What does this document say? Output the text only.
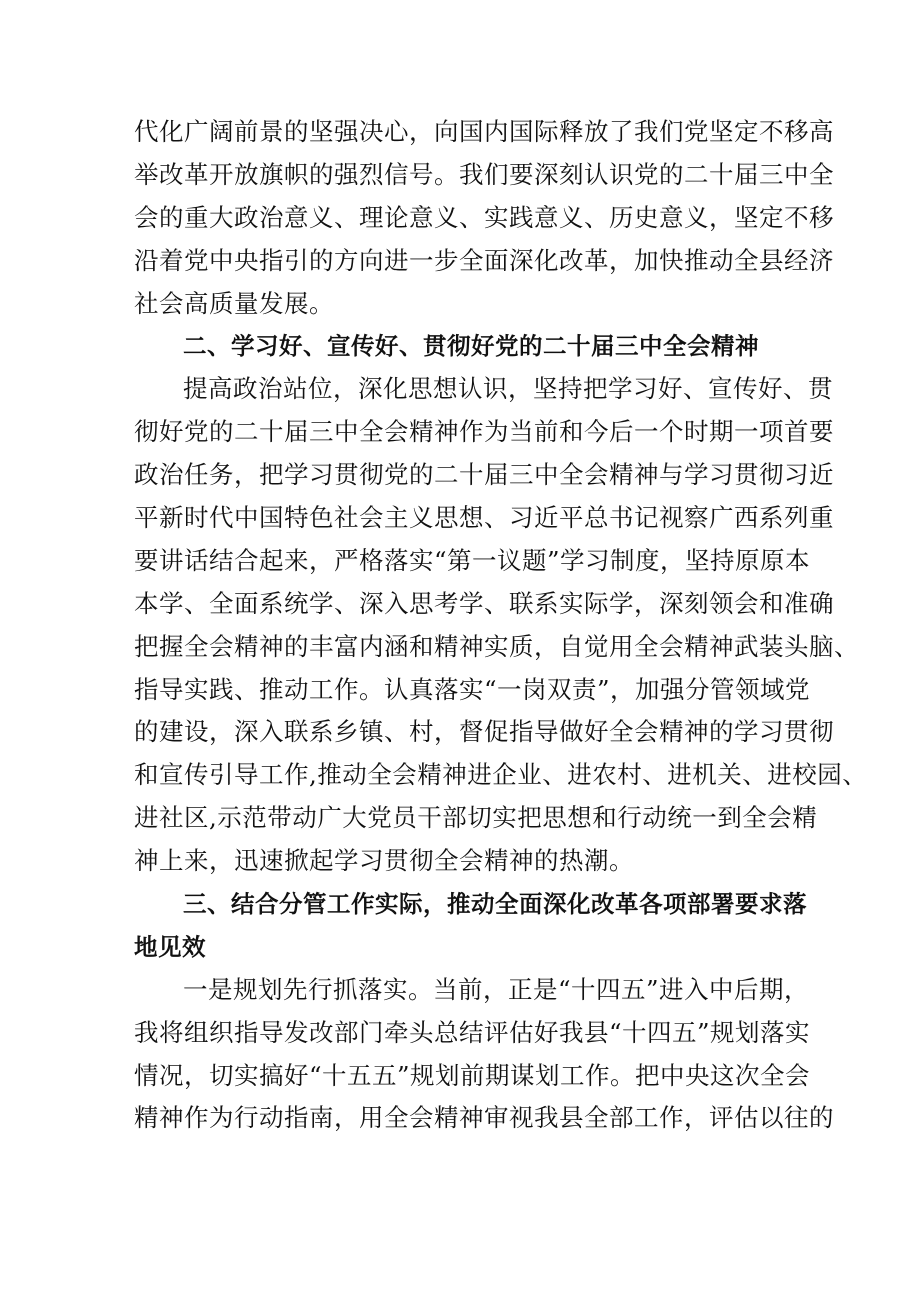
代化广阔前景的坚强决心，向国内国际释放了我们党坚定不移高
举改革开放旗帜的强烈信号。我们要深刻认识党的二十届三中全
会的重大政治意义、理论意义、实践意义、历史意义，坚定不移
沿着党中央指引的方向进一步全面深化改革，加快推动全县经济
社会高质量发展。
二、学习好、宣传好、贯彻好党的二十届三中全会精神
提高政治站位，深化思想认识，坚持把学习好、宣传好、贯
彻好党的二十届三中全会精神作为当前和今后一个时期一项首要
政治任务，把学习贯彻党的二十届三中全会精神与学习贯彻习近
平新时代中国特色社会主义思想、习近平总书记视察广西系列重
要讲话结合起来，严格落实“第一议题”学习制度，坚持原原本
本学、全面系统学、深入思考学、联系实际学，深刻领会和准确
把握全会精神的丰富内涵和精神实质，自觉用全会精神武装头脑、
指导实践、推动工作。认真落实“一岗双责”，加强分管领域党
的建设，深入联系乡镇、村，督促指导做好全会精神的学习贯彻
和宣传引导工作,推动全会精神进企业、进农村、进机关、进校园、
进社区,示范带动广大党员干部切实把思想和行动统一到全会精
神上来，迅速掀起学习贯彻全会精神的热潮。
三、结合分管工作实际，推动全面深化改革各项部署要求落
地见效
一是规划先行抓落实。当前，正是“十四五”进入中后期，
我将组织指导发改部门牵头总结评估好我县“十四五”规划落实
情况，切实搞好“十五五”规划前期谋划工作。把中央这次全会
精神作为行动指南，用全会精神审视我县全部工作，评估以往的
